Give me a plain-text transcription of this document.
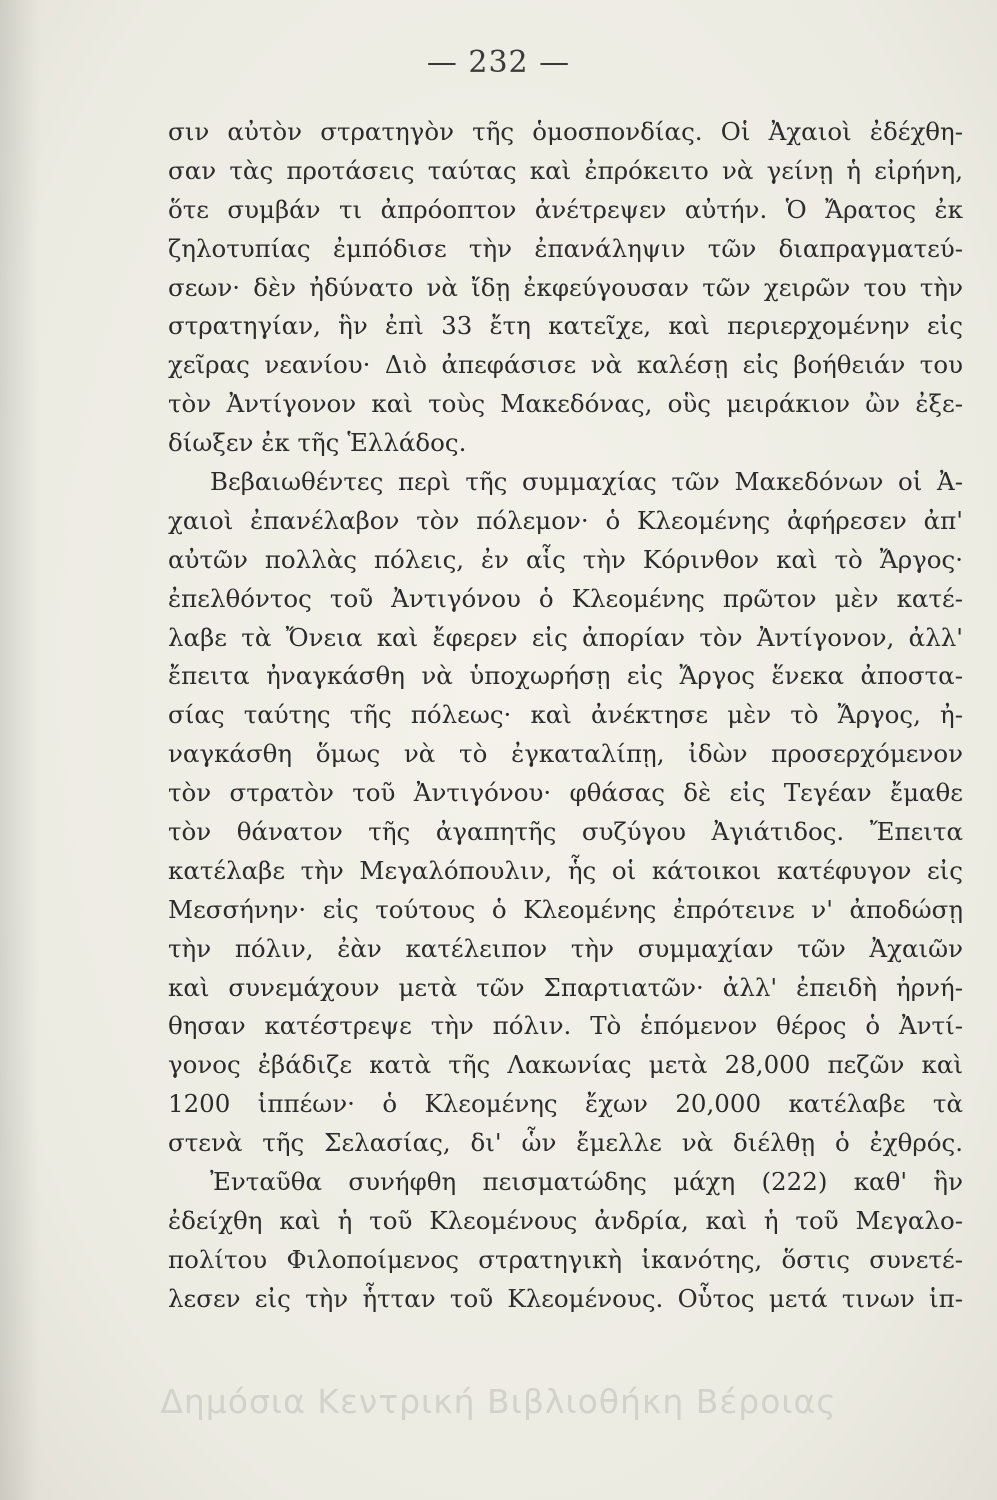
— 232 —
σιν αὐτὸν στρατηγὸν τῆς ὁμοσπονδίας. Οἱ Ἀχαιοὶ ἐδέχθη-
σαν τὰς προτάσεις ταύτας καὶ ἐπρόκειτο νὰ γείνῃ ἡ εἰρήνη,
ὅτε συμβάν τι ἀπρόοπτον ἀνέτρεψεν αὐτήν. Ὁ Ἄρατος ἐκ
ζηλοτυπίας ἐμπόδισε τὴν ἐπανάληψιν τῶν διαπραγματεύ-
σεων· δὲν ἠδύνατο νὰ ἴδῃ ἐκφεύγουσαν τῶν χειρῶν του τὴν
στρατηγίαν, ἣν ἐπὶ 33 ἔτη κατεῖχε, καὶ περιερχομένην εἰς
χεῖρας νεανίου· Διὸ ἀπεφάσισε νὰ καλέσῃ εἰς βοήθειάν του
τὸν Ἀντίγονον καὶ τοὺς Μακεδόνας, οὓς μειράκιον ὢν ἐξε-
δίωξεν ἐκ τῆς Ἑλλάδος.
Βεβαιωθέντες περὶ τῆς συμμαχίας τῶν Μακεδόνων οἱ Ἀ-
χαιοὶ ἐπανέλαβον τὸν πόλεμον· ὁ Κλεομένης ἀφήρεσεν ἀπ'
αὐτῶν πολλὰς πόλεις, ἐν αἷς τὴν Κόρινθον καὶ τὸ Ἄργος·
ἐπελθόντος τοῦ Ἀντιγόνου ὁ Κλεομένης πρῶτον μὲν κατέ-
λαβε τὰ Ὄνεια καὶ ἔφερεν εἰς ἀπορίαν τὸν Ἀντίγονον, ἀλλ'
ἔπειτα ἠναγκάσθη νὰ ὑποχωρήσῃ εἰς Ἄργος ἕνεκα ἀποστα-
σίας ταύτης τῆς πόλεως· καὶ ἀνέκτησε μὲν τὸ Ἄργος, ἠ-
ναγκάσθη ὅμως νὰ τὸ ἐγκαταλίπῃ, ἰδὼν προσερχόμενον
τὸν στρατὸν τοῦ Ἀντιγόνου· φθάσας δὲ εἰς Τεγέαν ἔμαθε
τὸν θάνατον τῆς ἀγαπητῆς συζύγου Ἀγιάτιδος. Ἔπειτα
κατέλαβε τὴν Μεγαλόπουλιν, ἧς οἱ κάτοικοι κατέφυγον εἰς
Μεσσήνην· εἰς τούτους ὁ Κλεομένης ἐπρότεινε ν' ἀποδώσῃ
τὴν πόλιν, ἐὰν κατέλειπον τὴν συμμαχίαν τῶν Ἀχαιῶν
καὶ συνεμάχουν μετὰ τῶν Σπαρτιατῶν· ἀλλ' ἐπειδὴ ἠρνή-
θησαν κατέστρεψε τὴν πόλιν. Τὸ ἑπόμενον θέρος ὁ Ἀντί-
γονος ἐβάδιζε κατὰ τῆς Λακωνίας μετὰ 28,000 πεζῶν καὶ
1200 ἱππέων· ὁ Κλεομένης ἔχων 20,000 κατέλαβε τὰ
στενὰ τῆς Σελασίας, δι' ὧν ἔμελλε νὰ διέλθῃ ὁ ἐχθρός.
Ἐνταῦθα συνήφθη πεισματώδης μάχη (222) καθ' ἣν
ἐδείχθη καὶ ἡ τοῦ Κλεομένους ἀνδρία, καὶ ἡ τοῦ Μεγαλο-
πολίτου Φιλοποίμενος στρατηγικὴ ἱκανότης, ὅστις συνετέ-
λεσεν εἰς τὴν ἧτταν τοῦ Κλεομένους. Οὗτος μετά τινων ἱπ-
Δημόσια Κεντρική Βιβλιοθήκη Βέροιας
